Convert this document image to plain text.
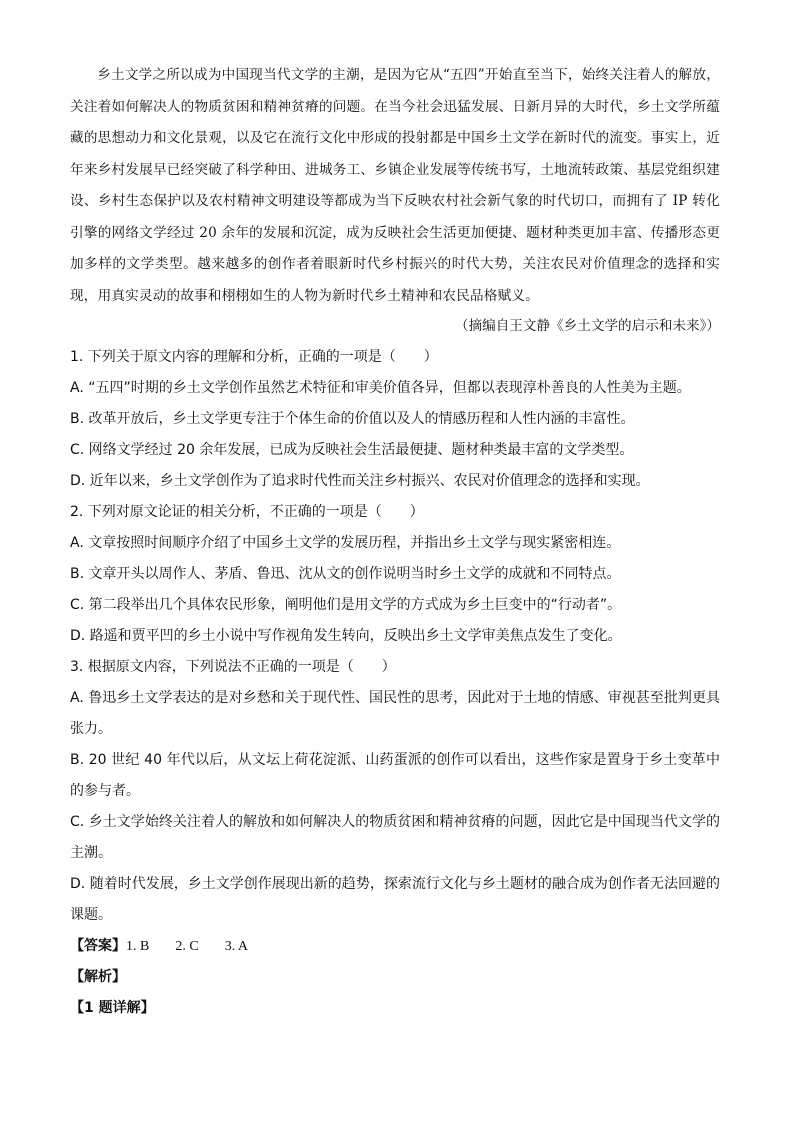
乡土文学之所以成为中国现当代文学的主潮，是因为它从“五四”开始直至当下，始终关注着人的解放，关注着如何解决人的物质贫困和精神贫瘠的问题。在当今社会迅猛发展、日新月异的大时代，乡土文学所蕴藏的思想动力和文化景观，以及它在流行文化中形成的投射都是中国乡土文学在新时代的流变。事实上，近年来乡村发展早已经突破了科学种田、进城务工、乡镇企业发展等传统书写，土地流转政策、基层党组织建设、乡村生态保护以及农村精神文明建设等都成为当下反映农村社会新气象的时代切口，而拥有了 IP 转化引擎的网络文学经过 20 余年的发展和沉淀，成为反映社会生活更加便捷、题材种类更加丰富、传播形态更加多样的文学类型。越来越多的创作者着眼新时代乡村振兴的时代大势，关注农民对价值理念的选择和实现，用真实灵动的故事和栩栩如生的人物为新时代乡土精神和农民品格赋义。

（摘编自王文静《乡土文学的启示和未来》）

1. 下列关于原文内容的理解和分析，正确的一项是（　　）

A. “五四”时期的乡土文学创作虽然艺术特征和审美价值各异，但都以表现淳朴善良的人性美为主题。

B. 改革开放后，乡土文学更专注于个体生命的价值以及人的情感历程和人性内涵的丰富性。

C. 网络文学经过 20 余年发展，已成为反映社会生活最便捷、题材种类最丰富的文学类型。

D. 近年以来，乡土文学创作为了追求时代性而关注乡村振兴、农民对价值理念的选择和实现。

2. 下列对原文论证的相关分析，不正确的一项是（　　）

A. 文章按照时间顺序介绍了中国乡土文学的发展历程，并指出乡土文学与现实紧密相连。

B. 文章开头以周作人、茅盾、鲁迅、沈从文的创作说明当时乡土文学的成就和不同特点。

C. 第二段举出几个具体农民形象，阐明他们是用文学的方式成为乡土巨变中的“行动者”。

D. 路遥和贾平凹的乡土小说中写作视角发生转向，反映出乡土文学审美焦点发生了变化。

3. 根据原文内容，下列说法不正确的一项是（　　）

A. 鲁迅乡土文学表达的是对乡愁和关于现代性、国民性的思考，因此对于土地的情感、审视甚至批判更具张力。

B. 20 世纪 40 年代以后，从文坛上荷花淀派、山药蛋派的创作可以看出，这些作家是置身于乡土变革中的参与者。

C. 乡土文学始终关注着人的解放和如何解决人的物质贫困和精神贫瘠的问题，因此它是中国现当代文学的主潮。

D. 随着时代发展，乡土文学创作展现出新的趋势，探索流行文化与乡土题材的融合成为创作者无法回避的课题。

【答案】1. B 2. C 3. A

【解析】

【1 题详解】
